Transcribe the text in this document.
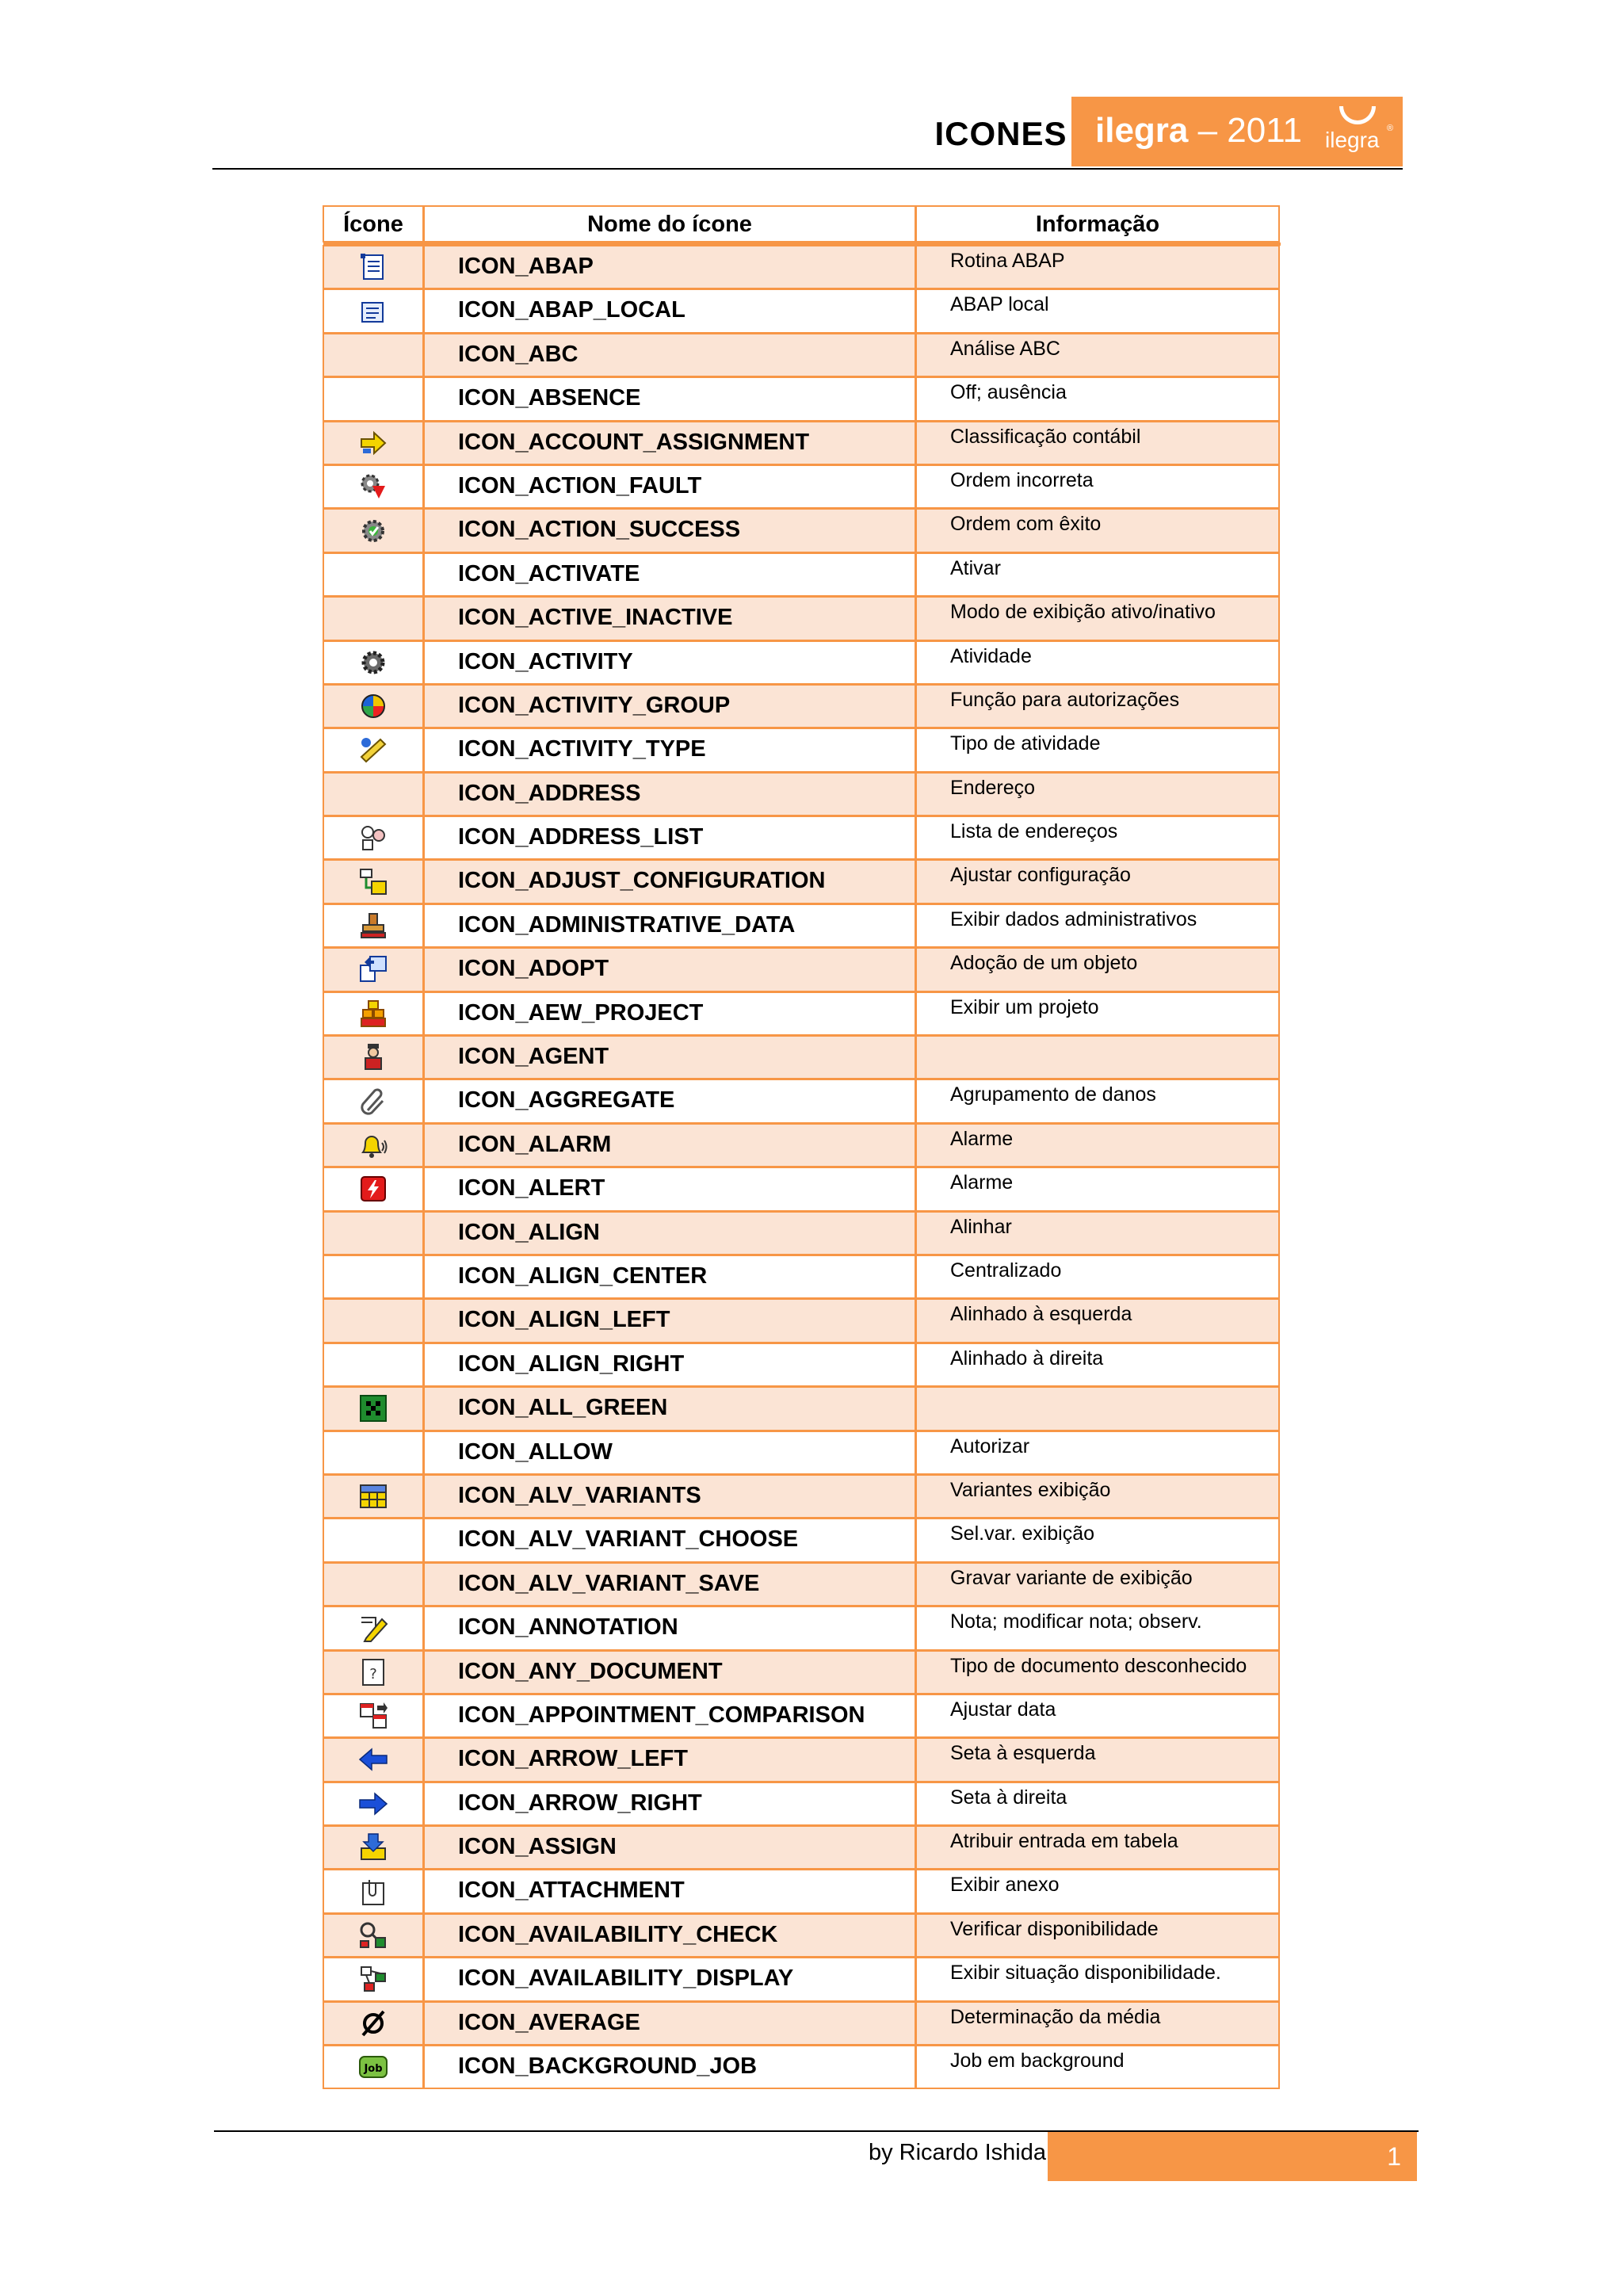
ICONES ilegra – 2011 ilegra ®
Ícone	Nome do ícone	Informação
ICON_ABAP	Rotina ABAP
ICON_ABAP_LOCAL	ABAP local
ICON_ABC	Análise ABC
ICON_ABSENCE	Off; ausência
ICON_ACCOUNT_ASSIGNMENT	Classificação contábil
ICON_ACTION_FAULT	Ordem incorreta
ICON_ACTION_SUCCESS	Ordem com êxito
ICON_ACTIVATE	Ativar
ICON_ACTIVE_INACTIVE	Modo de exibição ativo/inativo
ICON_ACTIVITY	Atividade
ICON_ACTIVITY_GROUP	Função para autorizações
ICON_ACTIVITY_TYPE	Tipo de atividade
ICON_ADDRESS	Endereço
ICON_ADDRESS_LIST	Lista de endereços
ICON_ADJUST_CONFIGURATION	Ajustar configuração
ICON_ADMINISTRATIVE_DATA	Exibir dados administrativos
ICON_ADOPT	Adoção de um objeto
ICON_AEW_PROJECT	Exibir um projeto
ICON_AGENT
ICON_AGGREGATE	Agrupamento de danos
ICON_ALARM	Alarme
ICON_ALERT	Alarme
ICON_ALIGN	Alinhar
ICON_ALIGN_CENTER	Centralizado
ICON_ALIGN_LEFT	Alinhado à esquerda
ICON_ALIGN_RIGHT	Alinhado à direita
ICON_ALL_GREEN
ICON_ALLOW	Autorizar
ICON_ALV_VARIANTS	Variantes exibição
ICON_ALV_VARIANT_CHOOSE	Sel.var. exibição
ICON_ALV_VARIANT_SAVE	Gravar variante de exibição
ICON_ANNOTATION	Nota; modificar nota; observ.
?	ICON_ANY_DOCUMENT	Tipo de documento desconhecido
ICON_APPOINTMENT_COMPARISON	Ajustar data
ICON_ARROW_LEFT	Seta à esquerda
ICON_ARROW_RIGHT	Seta à direita
ICON_ASSIGN	Atribuir entrada em tabela
ICON_ATTACHMENT	Exibir anexo
ICON_AVAILABILITY_CHECK	Verificar disponibilidade
ICON_AVAILABILITY_DISPLAY	Exibir situação disponibilidade.
ICON_AVERAGE	Determinação da média
Job	ICON_BACKGROUND_JOB	Job em background
by Ricardo Ishida	1
